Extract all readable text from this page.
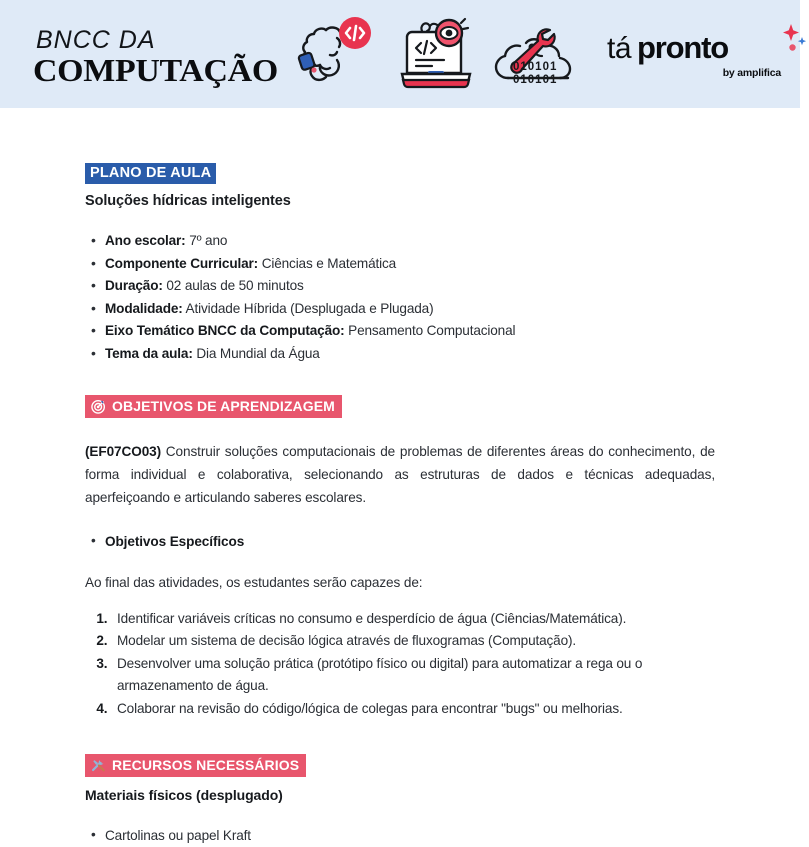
BNCC DA
COMPUTAÇÃO	010101
010101
tá pronto
by amplifica
PLANO DE AULA
Soluções hídricas inteligentes
• Ano escolar: 7º ano
• Componente Curricular: Ciências e Matemática
• Duração: 02 aulas de 50 minutos
• Modalidade: Atividade Híbrida (Desplugada e Plugada)
• Eixo Temático BNCC da Computação: Pensamento Computacional
• Tema da aula: Dia Mundial da Água
OBJETIVOS DE APRENDIZAGEM

(EF07CO03) Construir soluções computacionais de problemas de diferentes áreas do conhecimento, de forma individual e colaborativa, selecionando as estruturas de dados e técnicas adequadas, aperfeiçoando e articulando saberes escolares.

• Objetivos Específicos

Ao final das atividades, os estudantes serão capazes de:

1. Identificar variáveis críticas no consumo e desperdício de água (Ciências/Matemática).
2. Modelar um sistema de decisão lógica através de fluxogramas (Computação).
3. Desenvolver uma solução prática (protótipo físico ou digital) para automatizar a rega ou o armazenamento de água.
4. Colaborar na revisão do código/lógica de colegas para encontrar "bugs" ou melhorias.
RECURSOS NECESSÁRIOS
Materiais físicos (desplugado)
• Cartolinas ou papel Kraft
